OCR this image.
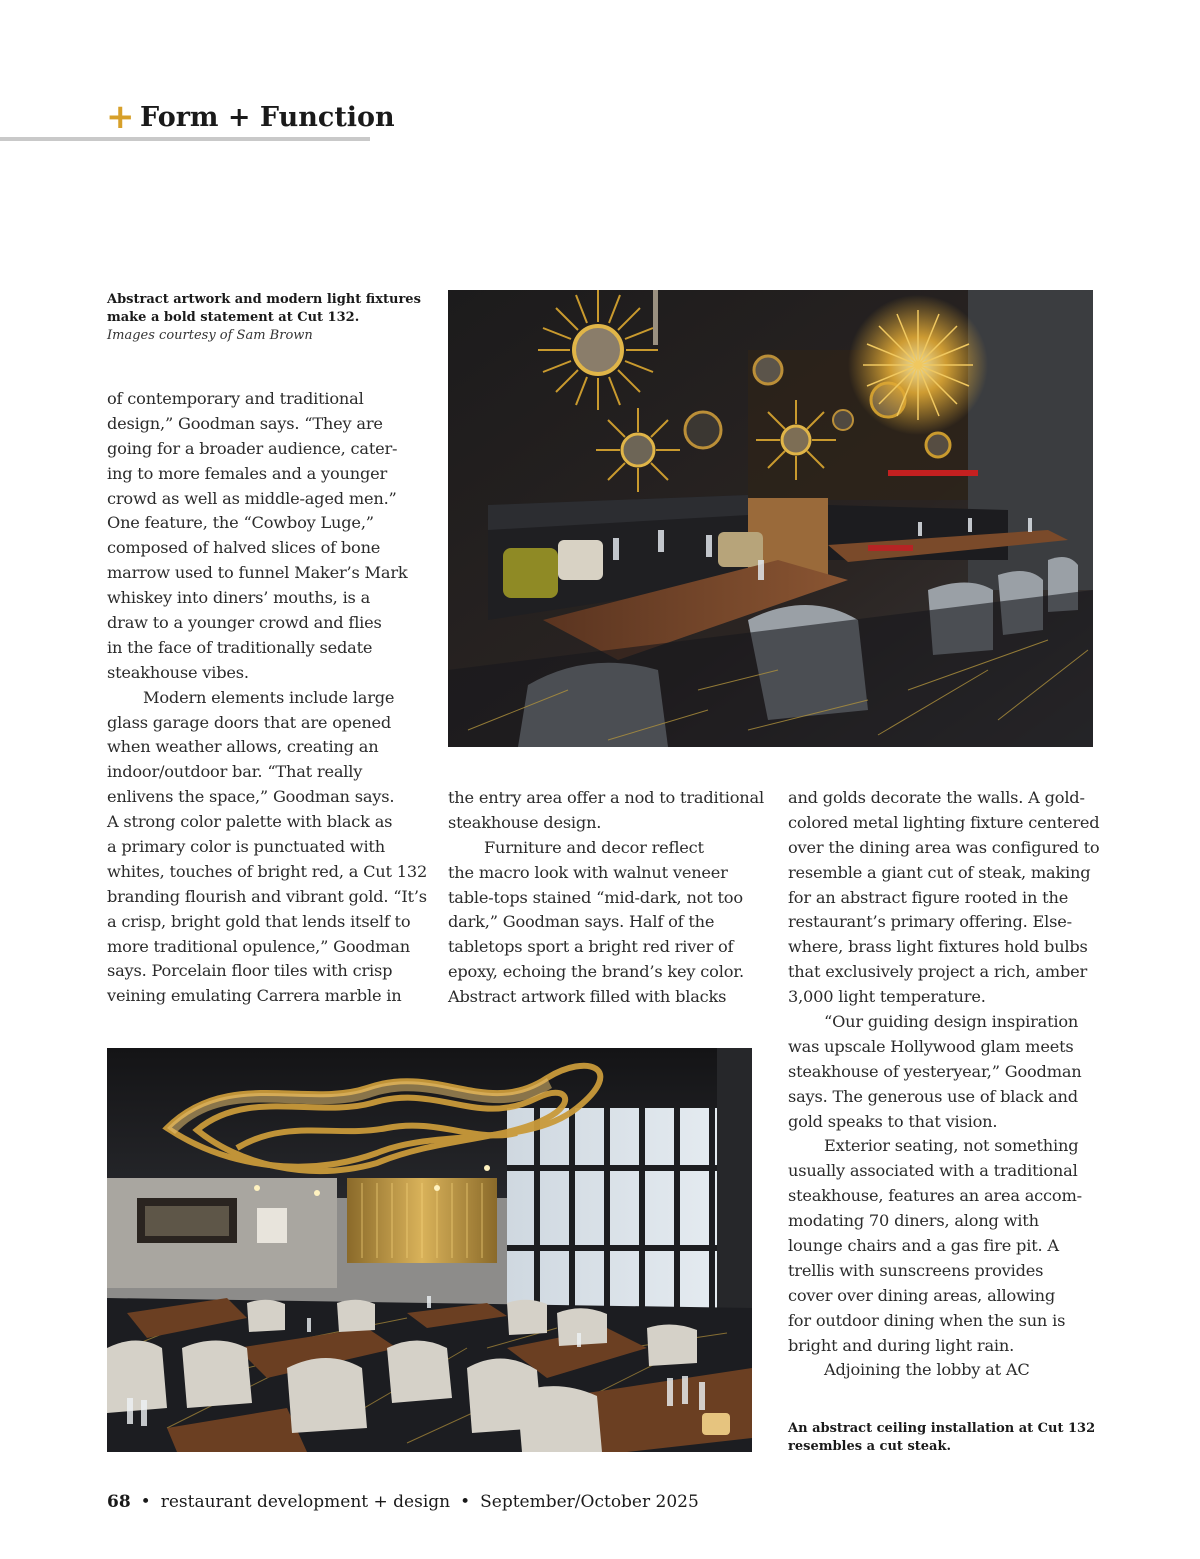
+ Form + Function
Abstract artwork and modern light fixtures
make a bold statement at Cut 132.
Images courtesy of Sam Brown
of contemporary and traditional
design,” Goodman says. “They are
going for a broader audience, cater-
ing to more females and a younger
crowd as well as middle-aged men.”
One feature, the “Cowboy Luge,”
composed of halved slices of bone
marrow used to funnel Maker’s Mark
whiskey into diners’ mouths, is a
draw to a younger crowd and flies
in the face of traditionally sedate
steakhouse vibes.
Modern elements include large
glass garage doors that are opened
when weather allows, creating an
indoor/outdoor bar. “That really
enlivens the space,” Goodman says.
A strong color palette with black as
a primary color is punctuated with
whites, touches of bright red, a Cut 132
branding flourish and vibrant gold. “It’s
a crisp, bright gold that lends itself to
more traditional opulence,” Goodman
says. Porcelain floor tiles with crisp
veining emulating Carrera marble in
the entry area offer a nod to traditional
steakhouse design.
Furniture and decor reflect
the macro look with walnut veneer
table-tops stained “mid-dark, not too
dark,” Goodman says. Half of the
tabletops sport a bright red river of
epoxy, echoing the brand’s key color.
Abstract artwork filled with blacks
and golds decorate the walls. A gold-
colored metal lighting fixture centered
over the dining area was configured to
resemble a giant cut of steak, making
for an abstract figure rooted in the
restaurant’s primary offering. Else-
where, brass light fixtures hold bulbs
that exclusively project a rich, amber
3,000 light temperature.
“Our guiding design inspiration
was upscale Hollywood glam meets
steakhouse of yesteryear,” Goodman
says. The generous use of black and
gold speaks to that vision.
Exterior seating, not something
usually associated with a traditional
steakhouse, features an area accom-
modating 70 diners, along with
lounge chairs and a gas fire pit. A
trellis with sunscreens provides
cover over dining areas, allowing
for outdoor dining when the sun is
bright and during light rain.
Adjoining the lobby at AC
An abstract ceiling installation at Cut 132
resembles a cut steak.
68 • restaurant development + design • September/October 2025
